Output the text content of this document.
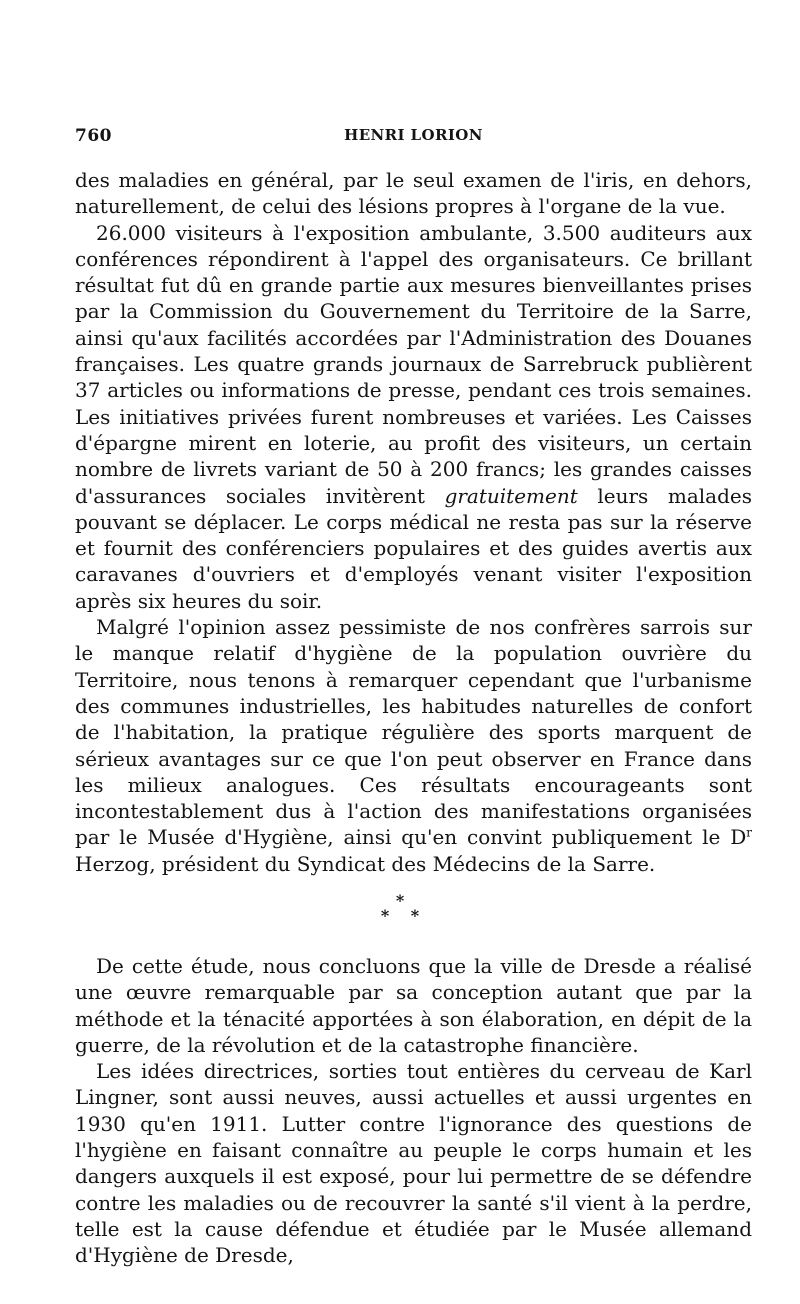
760	HENRI LORION

des maladies en général, par le seul examen de l'iris, en dehors, naturellement, de celui des lésions propres à l'organe de la vue.

26.000 visiteurs à l'exposition ambulante, 3.500 auditeurs aux conférences répondirent à l'appel des organisateurs. Ce brillant résultat fut dû en grande partie aux mesures bienveillantes prises par la Commission du Gouvernement du Territoire de la Sarre, ainsi qu'aux facilités accordées par l'Administration des Douanes françaises. Les quatre grands journaux de Sarrebruck publièrent 37 articles ou informations de presse, pendant ces trois semaines. Les initiatives privées furent nombreuses et variées. Les Caisses d'épargne mirent en loterie, au profit des visiteurs, un certain nombre de livrets variant de 50 à 200 francs; les grandes caisses d'assurances sociales invitèrent gratuitement leurs malades pouvant se déplacer. Le corps médical ne resta pas sur la réserve et fournit des conférenciers populaires et des guides avertis aux caravanes d'ouvriers et d'employés venant visiter l'exposition après six heures du soir.

Malgré l'opinion assez pessimiste de nos confrères sarrois sur le manque relatif d'hygiène de la population ouvrière du Territoire, nous tenons à remarquer cependant que l'urbanisme des communes industrielles, les habitudes naturelles de confort de l'habitation, la pratique régulière des sports marquent de sérieux avantages sur ce que l'on peut observer en France dans les milieux analogues. Ces résultats encourageants sont incontestablement dus à l'action des manifestations organisées par le Musée d'Hygiène, ainsi qu'en convint publiquement le $D^r$ Herzog, président du Syndicat des Médecins de la Sarre.

*
* *

De cette étude, nous concluons que la ville de Dresde a réalisé une œuvre remarquable par sa conception autant que par la méthode et la ténacité apportées à son élaboration, en dépit de la guerre, de la révolution et de la catastrophe financière.

Les idées directrices, sorties tout entières du cerveau de Karl Lingner, sont aussi neuves, aussi actuelles et aussi urgentes en 1930 qu'en 1911. Lutter contre l'ignorance des questions de l'hygiène en faisant connaître au peuple le corps humain et les dangers auxquels il est exposé, pour lui permettre de se défendre contre les maladies ou de recouvrer la santé s'il vient à la perdre, telle est la cause défendue et étudiée par le Musée allemand d'Hygiène de Dresde,
